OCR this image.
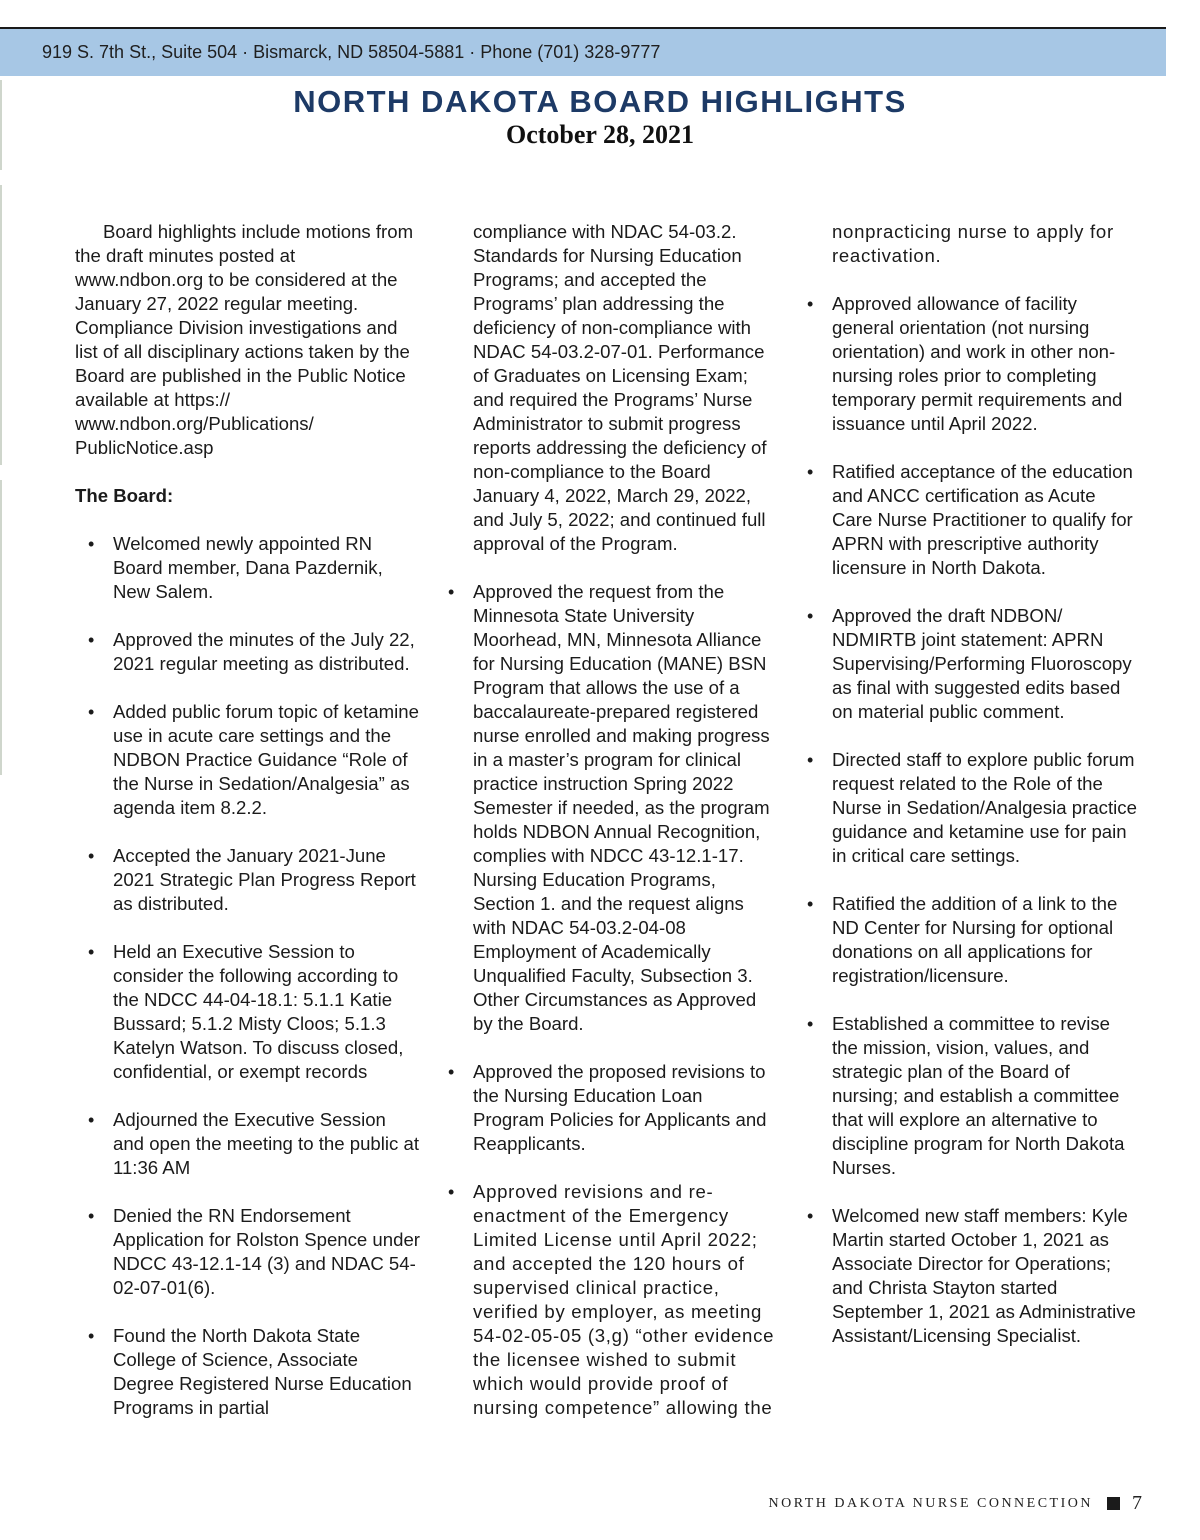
919 S. 7th St., Suite 504 · Bismarck, ND 58504-5881 · Phone (701) 328-9777
NORTH DAKOTA BOARD HIGHLIGHTS
October 28, 2021

Board highlights include motions from the draft minutes posted at www.ndbon.org to be considered at the January 27, 2022 regular meeting. Compliance Division investigations and list of all disciplinary actions taken by the Board are published in the Public Notice available at https:// www.ndbon.org/Publications/ PublicNotice.asp

The Board:

• Welcomed newly appointed RN Board member, Dana Pazdernik, New Salem.
• Approved the minutes of the July 22, 2021 regular meeting as distributed.
• Added public forum topic of ketamine use in acute care settings and the NDBON Practice Guidance “Role of the Nurse in Sedation/Analgesia” as agenda item 8.2.2.
• Accepted the January 2021-June 2021 Strategic Plan Progress Report as distributed.
• Held an Executive Session to consider the following according to the NDCC 44-04-18.1: 5.1.1 Katie Bussard; 5.1.2 Misty Cloos; 5.1.3 Katelyn Watson. To discuss closed, confidential, or exempt records
• Adjourned the Executive Session and open the meeting to the public at 11:36 AM
• Denied the RN Endorsement Application for Rolston Spence under NDCC 43-12.1-14 (3) and NDAC 54-02-07-01(6).
• Found the North Dakota State College of Science, Associate Degree Registered Nurse Education Programs in partial

compliance with NDAC 54-03.2. Standards for Nursing Education Programs; and accepted the Programs’ plan addressing the deficiency of non-compliance with NDAC 54-03.2-07-01. Performance of Graduates on Licensing Exam; and required the Programs’ Nurse Administrator to submit progress reports addressing the deficiency of non-compliance to the Board January 4, 2022, March 29, 2022, and July 5, 2022; and continued full approval of the Program.

• Approved the request from the Minnesota State University Moorhead, MN, Minnesota Alliance for Nursing Education (MANE) BSN Program that allows the use of a baccalaureate-prepared registered nurse enrolled and making progress in a master’s program for clinical practice instruction Spring 2022 Semester if needed, as the program holds NDBON Annual Recognition, complies with NDCC 43-12.1-17. Nursing Education Programs, Section 1. and the request aligns with NDAC 54-03.2-04-08 Employment of Academically Unqualified Faculty, Subsection 3. Other Circumstances as Approved by the Board.
• Approved the proposed revisions to the Nursing Education Loan Program Policies for Applicants and Reapplicants.
• Approved revisions and re-enactment of the Emergency Limited License until April 2022; and accepted the 120 hours of supervised clinical practice, verified by employer, as meeting 54-02-05-05 (3,g) “other evidence the licensee wished to submit which would provide proof of nursing competence” allowing the

nonpracticing nurse to apply for reactivation.

• Approved allowance of facility general orientation (not nursing orientation) and work in other non-nursing roles prior to completing temporary permit requirements and issuance until April 2022.
• Ratified acceptance of the education and ANCC certification as Acute Care Nurse Practitioner to qualify for APRN with prescriptive authority licensure in North Dakota.
• Approved the draft NDBON/ NDMIRTB joint statement: APRN Supervising/Performing Fluoroscopy as final with suggested edits based on material public comment.
• Directed staff to explore public forum request related to the Role of the Nurse in Sedation/Analgesia practice guidance and ketamine use for pain in critical care settings.
• Ratified the addition of a link to the ND Center for Nursing for optional donations on all applications for registration/licensure.
• Established a committee to revise the mission, vision, values, and strategic plan of the Board of nursing; and establish a committee that will explore an alternative to discipline program for North Dakota Nurses.
• Welcomed new staff members: Kyle Martin started October 1, 2021 as Associate Director for Operations; and Christa Stayton started September 1, 2021 as Administrative Assistant/Licensing Specialist.
NORTH DAKOTA NURSE CONNECTION 7
